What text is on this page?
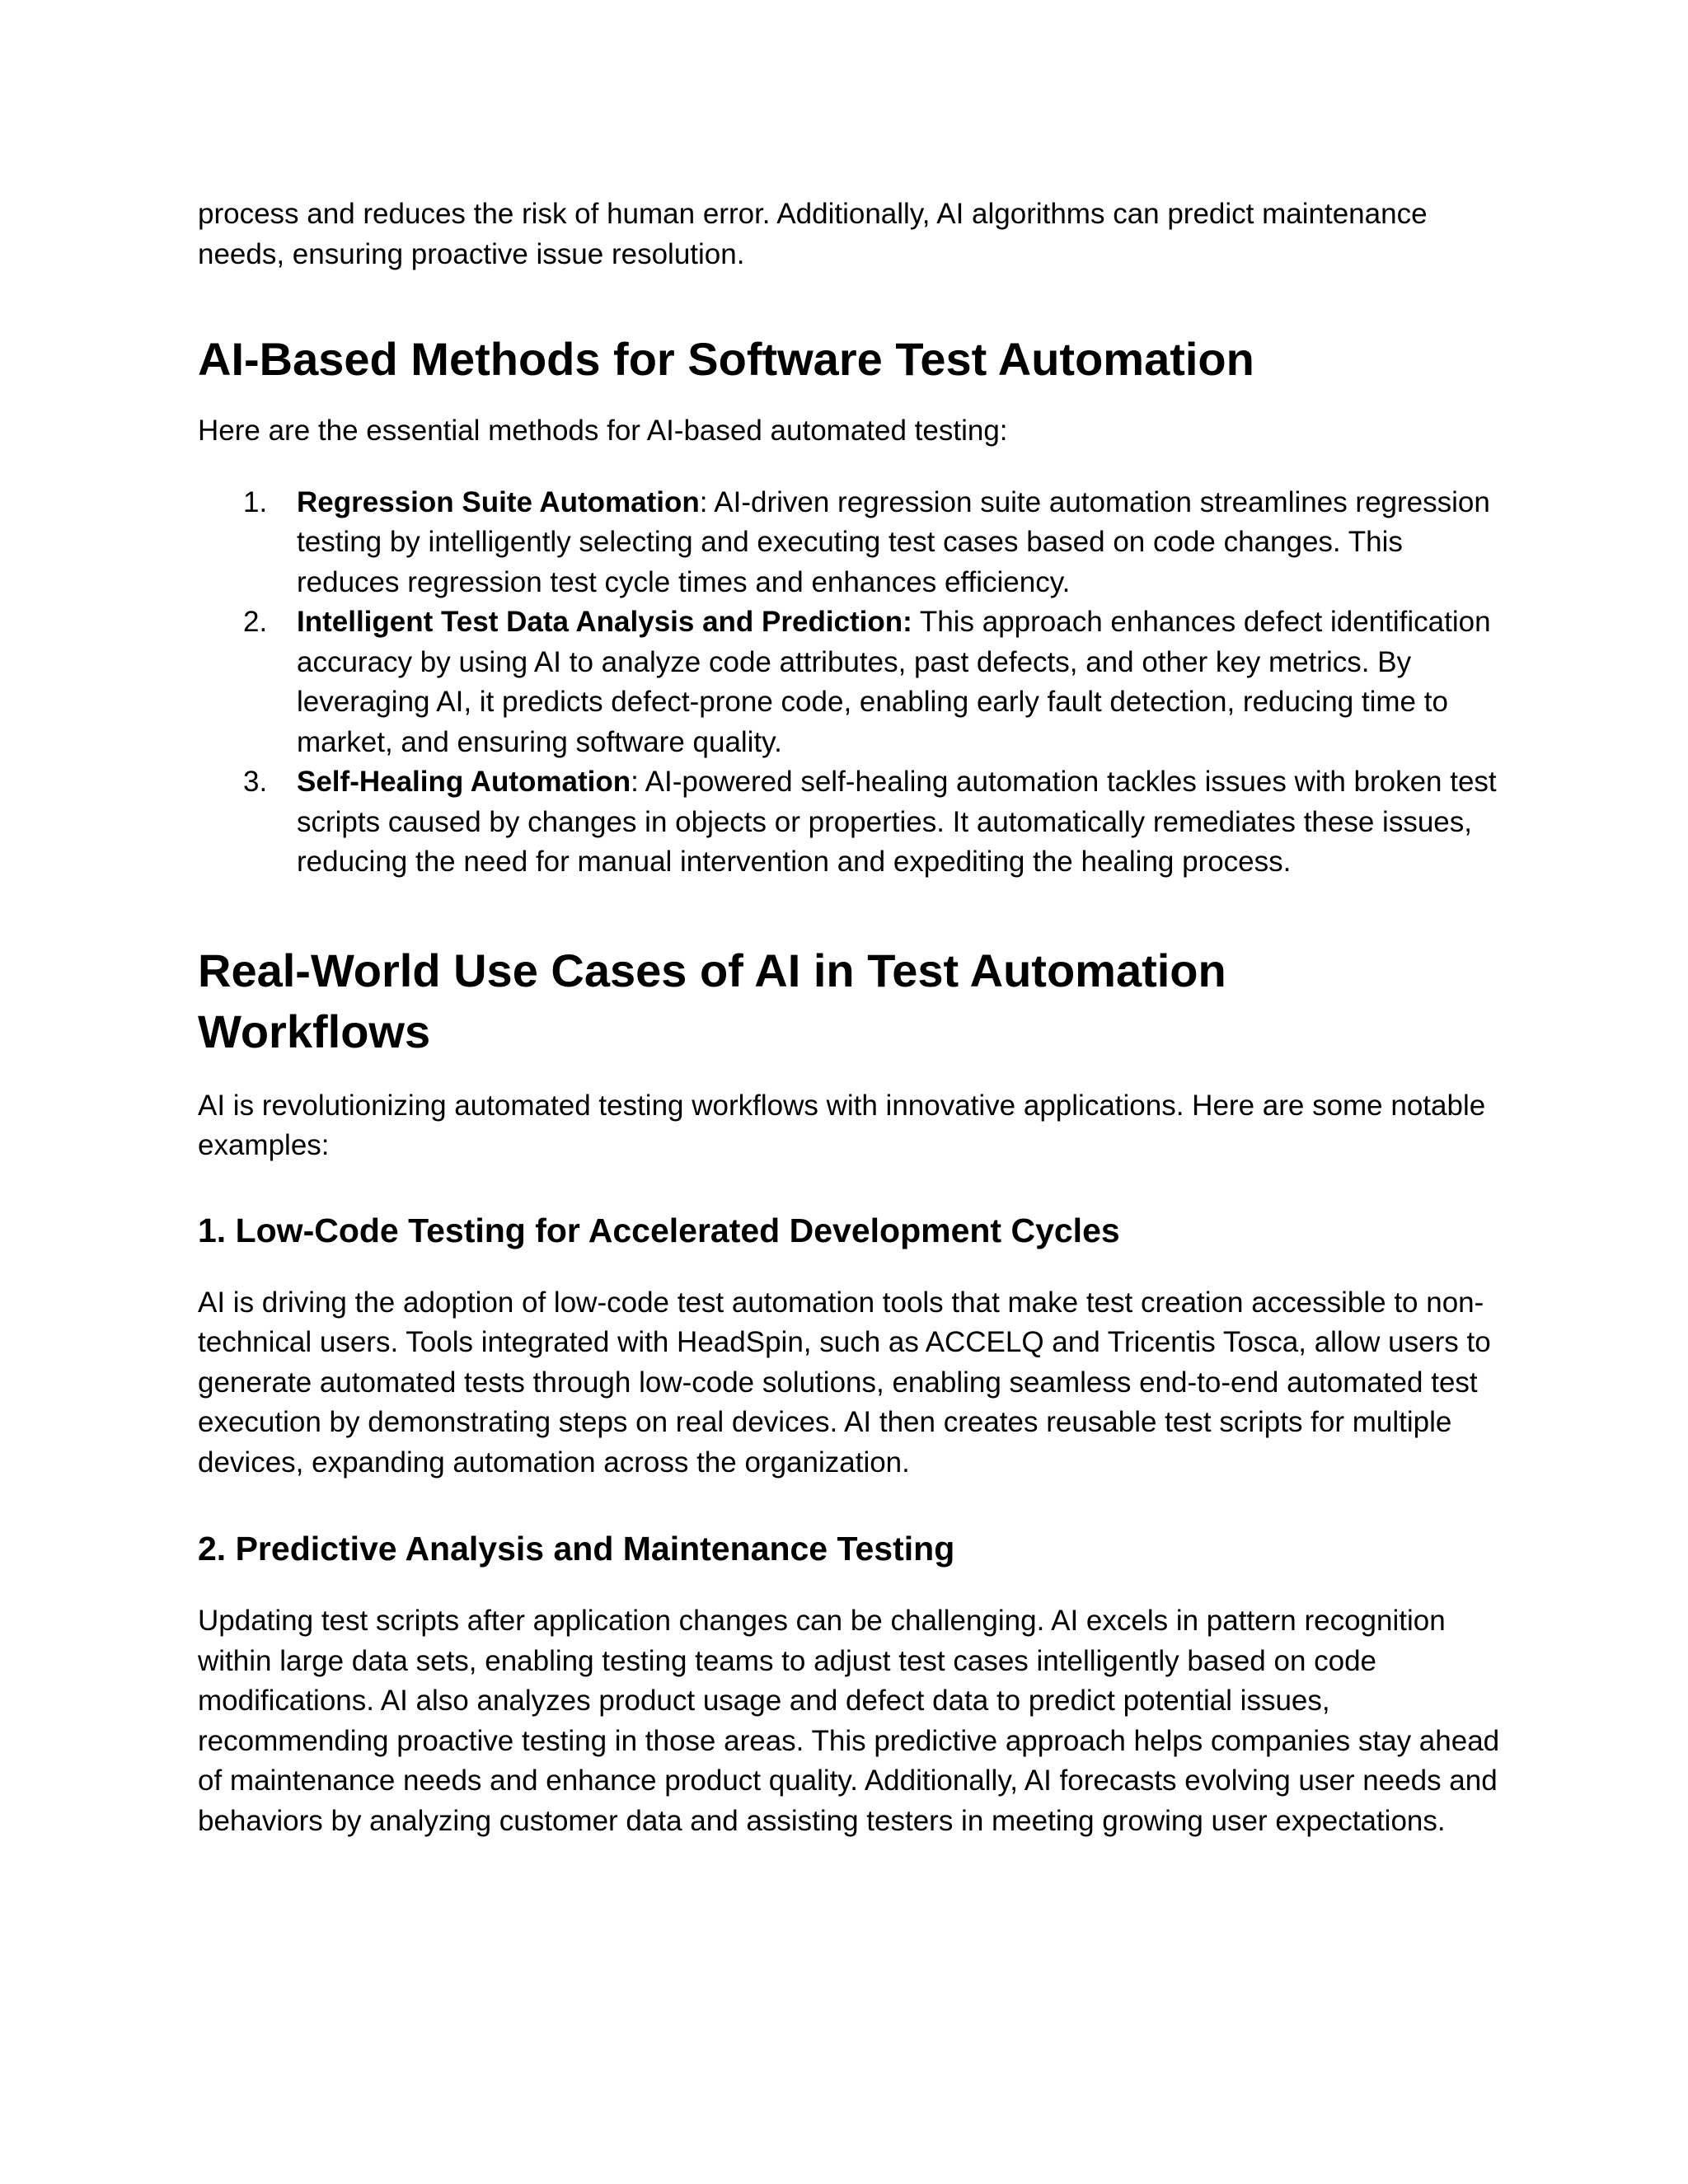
process and reduces the risk of human error. Additionally, AI algorithms can predict maintenance needs, ensuring proactive issue resolution.

AI-Based Methods for Software Test Automation

Here are the essential methods for AI-based automated testing:

1. Regression Suite Automation: AI-driven regression suite automation streamlines regression testing by intelligently selecting and executing test cases based on code changes. This reduces regression test cycle times and enhances efficiency.
2. Intelligent Test Data Analysis and Prediction: This approach enhances defect identification accuracy by using AI to analyze code attributes, past defects, and other key metrics. By leveraging AI, it predicts defect-prone code, enabling early fault detection, reducing time to market, and ensuring software quality.
3. Self-Healing Automation: AI-powered self-healing automation tackles issues with broken test scripts caused by changes in objects or properties. It automatically remediates these issues, reducing the need for manual intervention and expediting the healing process.
Real-World Use Cases of AI in Test Automation Workflows

AI is revolutionizing automated testing workflows with innovative applications. Here are some notable examples:

1. Low-Code Testing for Accelerated Development Cycles

AI is driving the adoption of low-code test automation tools that make test creation accessible to non-technical users. Tools integrated with HeadSpin, such as ACCELQ and Tricentis Tosca, allow users to generate automated tests through low-code solutions, enabling seamless end-to-end automated test execution by demonstrating steps on real devices. AI then creates reusable test scripts for multiple devices, expanding automation across the organization.

2. Predictive Analysis and Maintenance Testing

Updating test scripts after application changes can be challenging. AI excels in pattern recognition within large data sets, enabling testing teams to adjust test cases intelligently based on code modifications. AI also analyzes product usage and defect data to predict potential issues, recommending proactive testing in those areas. This predictive approach helps companies stay ahead of maintenance needs and enhance product quality. Additionally, AI forecasts evolving user needs and behaviors by analyzing customer data and assisting testers in meeting growing user expectations.
